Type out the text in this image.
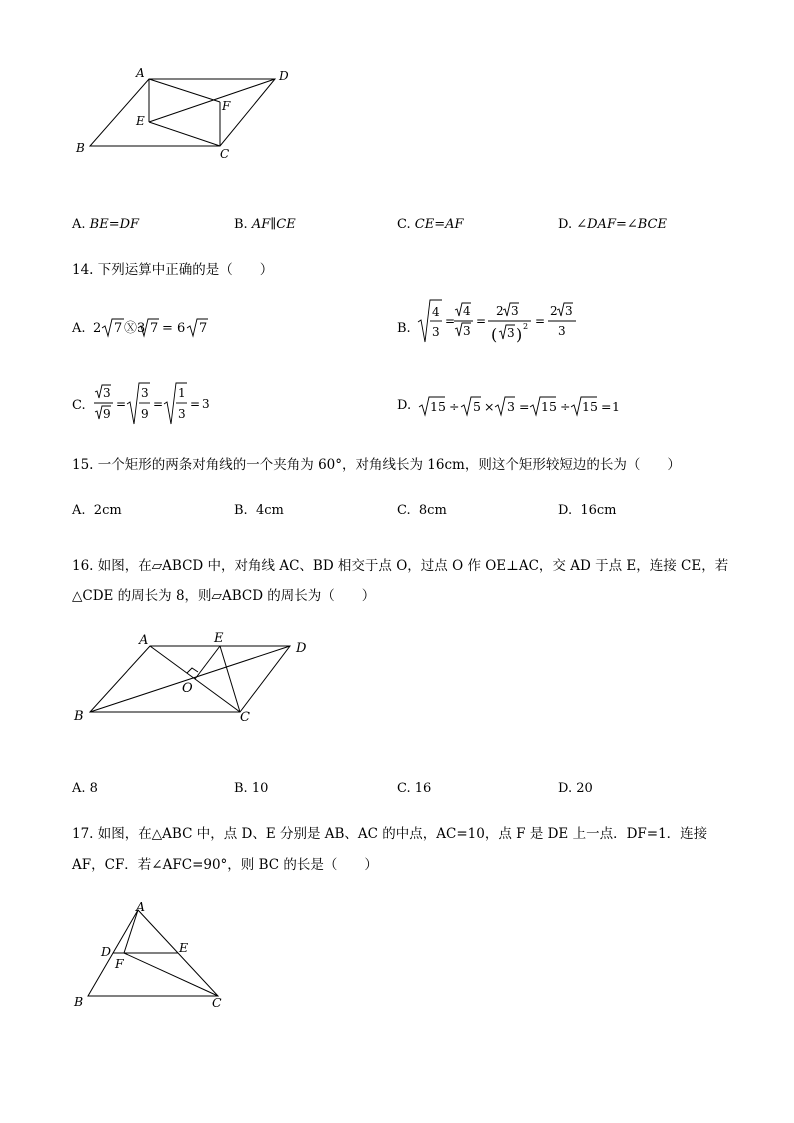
A	D
B	C
E
F
A. BE=DF	B. AF∥CE	C. CE=AF	D. ∠DAF=∠BCE
14. 下列运算中正确的是（　　）
A. 2 7 Ⓧ3 7 = 6 7	B.
4
3
=
4
3
=
2 3
( 3 ) 2 =
2 3
3
C.
3
9
=
3
9
=
1
3
= 3	D. 15 ÷ 5 × 3 = 15 ÷ 15 = 1
15. 一个矩形的两条对角线的一个夹角为 60°，对角线长为 16cm，则这个矩形较短边的长为（　　）
A. 2cm	B. 4cm	C. 8cm	D. 16cm
16. 如图，在▱ABCD 中，对角线 AC、BD 相交于点 O，过点 O 作 OE⊥AC，交 AD 于点 E，连接 CE，若
△CDE 的周长为 8，则▱ABCD 的周长为（　　）
A	E
D
O
B	C
A. 8	B. 10	C. 16	D. 20
17. 如图，在△ABC 中，点 D、E 分别是 AB、AC 的中点，AC=10，点 F 是 DE 上一点．DF=1．连接
AF，CF．若∠AFC=90°，则 BC 的长是（　　）
A
D	E
F
B	C
